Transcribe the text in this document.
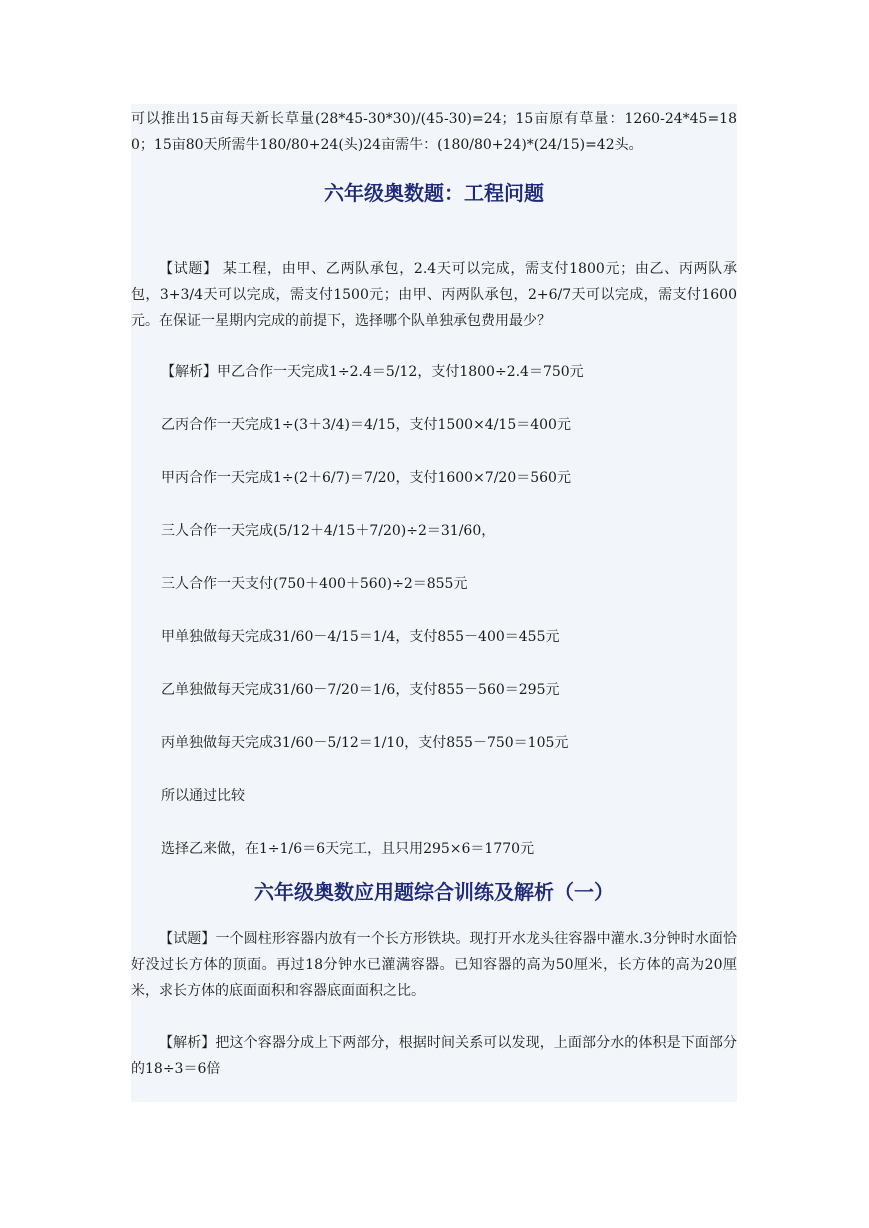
可以推出15亩每天新长草量(28*45-30*30)/(45-30)=24；15亩原有草量：1260-24*45=180；15亩80天所需牛180/80+24(头)24亩需牛：(180/80+24)*(24/15)=42头。

六年级奥数题：工程问题

【试题】 某工程，由甲、乙两队承包，2.4天可以完成，需支付1800元；由乙、丙两队承包，3+3/4天可以完成，需支付1500元；由甲、丙两队承包，2+6/7天可以完成，需支付1600元。在保证一星期内完成的前提下，选择哪个队单独承包费用最少？

【解析】甲乙合作一天完成1÷2.4＝5/12，支付1800÷2.4＝750元

乙丙合作一天完成1÷(3＋3/4)＝4/15，支付1500×4/15＝400元

甲丙合作一天完成1÷(2＋6/7)＝7/20，支付1600×7/20＝560元

三人合作一天完成(5/12＋4/15＋7/20)÷2＝31/60，

三人合作一天支付(750＋400＋560)÷2＝855元

甲单独做每天完成31/60－4/15＝1/4，支付855－400＝455元

乙单独做每天完成31/60－7/20＝1/6，支付855－560＝295元

丙单独做每天完成31/60－5/12＝1/10，支付855－750＝105元

所以通过比较

选择乙来做，在1÷1/6＝6天完工，且只用295×6＝1770元

六年级奥数应用题综合训练及解析（一）

【试题】一个圆柱形容器内放有一个长方形铁块。现打开水龙头往容器中灌水.3分钟时水面恰好没过长方体的顶面。再过18分钟水已灌满容器。已知容器的高为50厘米，长方体的高为20厘米，求长方体的底面面积和容器底面面积之比。

【解析】把这个容器分成上下两部分，根据时间关系可以发现，上面部分水的体积是下面部分的18÷3＝6倍
